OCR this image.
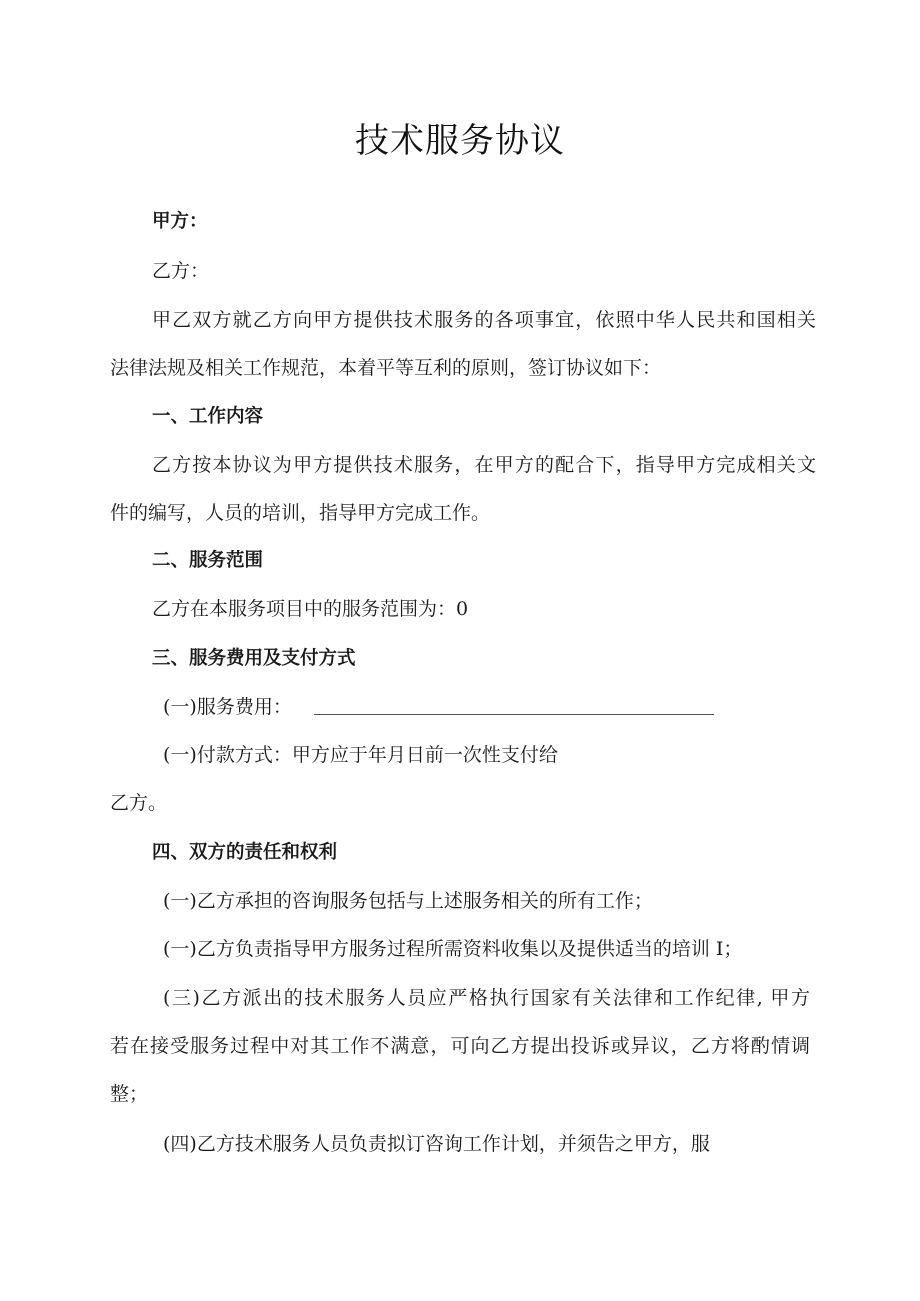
技术服务协议
甲方：
乙方：
甲乙双方就乙方向甲方提供技术服务的各项事宜，依照中华人民共和国相关
法律法规及相关工作规范，本着平等互利的原则，签订协议如下：
一、工作内容
乙方按本协议为甲方提供技术服务，在甲方的配合下，指导甲方完成相关文
件的编写，人员的培训，指导甲方完成工作。
二、服务范围
乙方在本服务项目中的服务范围为：0
三、服务费用及支付方式
(一)服务费用：
(一)付款方式：甲方应于年月日前一次性支付给
乙方。
四、双方的责任和权利
(一)乙方承担的咨询服务包括与上述服务相关的所有工作；
(一)乙方负责指导甲方服务过程所需资料收集以及提供适当的培训 I；
(三)乙方派出的技术服务人员应严格执行国家有关法律和工作纪律, 甲方
若在接受服务过程中对其工作不满意，可向乙方提出投诉或异议，乙方将酌情调
整；
(四)乙方技术服务人员负责拟订咨询工作计划，并须告之甲方，服
